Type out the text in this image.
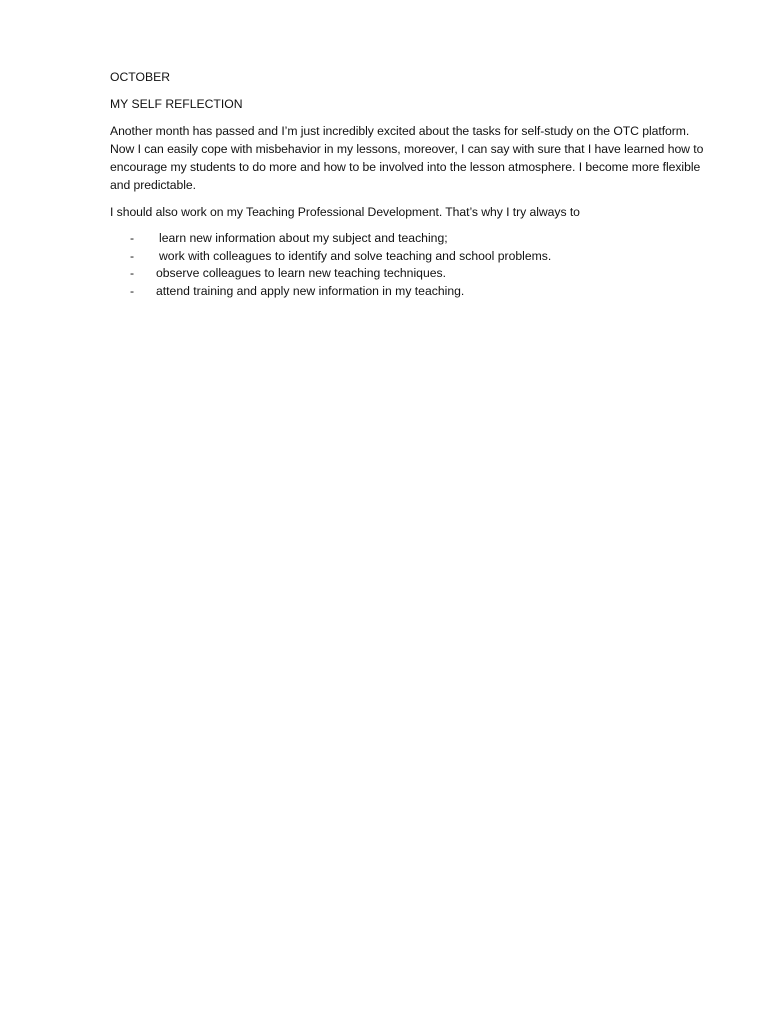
OCTOBER

MY SELF REFLECTION

Another month has passed and I’m just incredibly excited about the tasks for self-study on the OTC platform. Now I can easily cope with misbehavior in my lessons, moreover, I can say with sure that I have learned how to encourage my students to do more and how to be involved into the lesson atmosphere. I become more flexible and predictable.

I should also work on my Teaching Professional Development. That’s why I try always to

- learn new information about my subject and teaching;
- work with colleagues to identify and solve teaching and school problems.
- observe colleagues to learn new teaching techniques.
- attend training and apply new information in my teaching.
